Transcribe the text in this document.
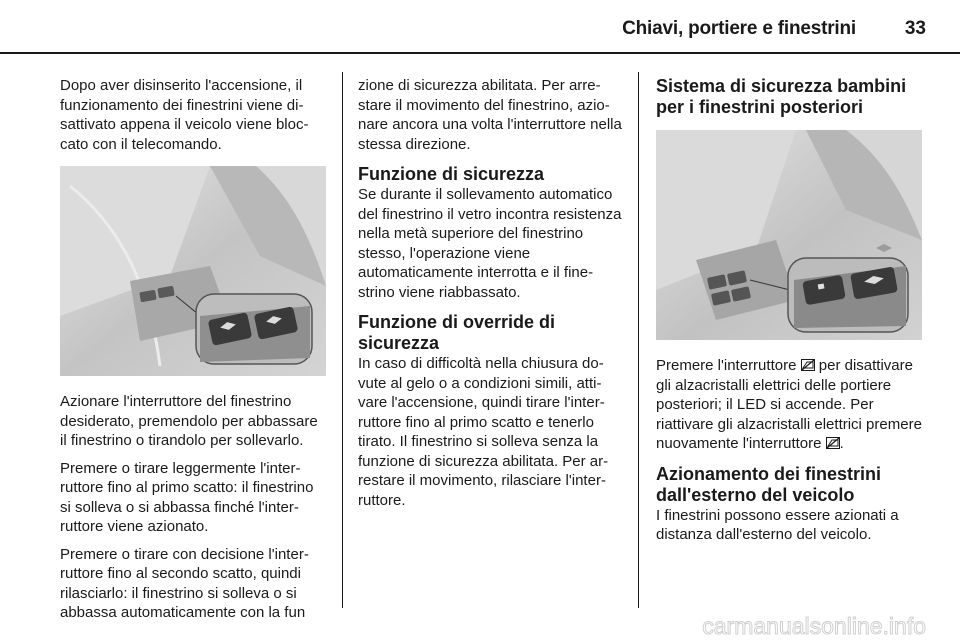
Chiavi, portiere e finestrini	33

Dopo aver disinserito l'accensione, il funzionamento dei finestrini viene disattivato appena il veicolo viene bloccato con il telecomando.

Azionare l'interruttore del finestrino desiderato, premendolo per abbassare il finestrino o tirandolo per sollevarlo.

Premere o tirare leggermente l'interruttore fino al primo scatto: il finestrino si solleva o si abbassa finché l'interruttore viene azionato.

Premere o tirare con decisione l'interruttore fino al secondo scatto, quindi rilasciarlo: il finestrino si solleva o si abbassa automaticamente con la fun

zione di sicurezza abilitata. Per arrestare il movimento del finestrino, azionare ancora una volta l'interruttore nella stessa direzione.

Funzione di sicurezza

Se durante il sollevamento automatico del finestrino il vetro incontra resistenza nella metà superiore del finestrino stesso, l'operazione viene automaticamente interrotta e il finestrino viene riabbassato.

Funzione di override di sicurezza

In caso di difficoltà nella chiusura dovute al gelo o a condizioni simili, attivare l'accensione, quindi tirare l'interruttore fino al primo scatto e tenerlo tirato. Il finestrino si solleva senza la funzione di sicurezza abilitata. Per arrestare il movimento, rilasciare l'interruttore.

Sistema di sicurezza bambini per i finestrini posteriori

Premere l'interruttore per disattivare gli alzacristalli elettrici delle portiere posteriori; il LED si accende. Per riattivare gli alzacristalli elettrici premere nuovamente l'interruttore .

Azionamento dei finestrini dall'esterno del veicolo

I finestrini possono essere azionati a distanza dall'esterno del veicolo.

carmanualsonline.info
